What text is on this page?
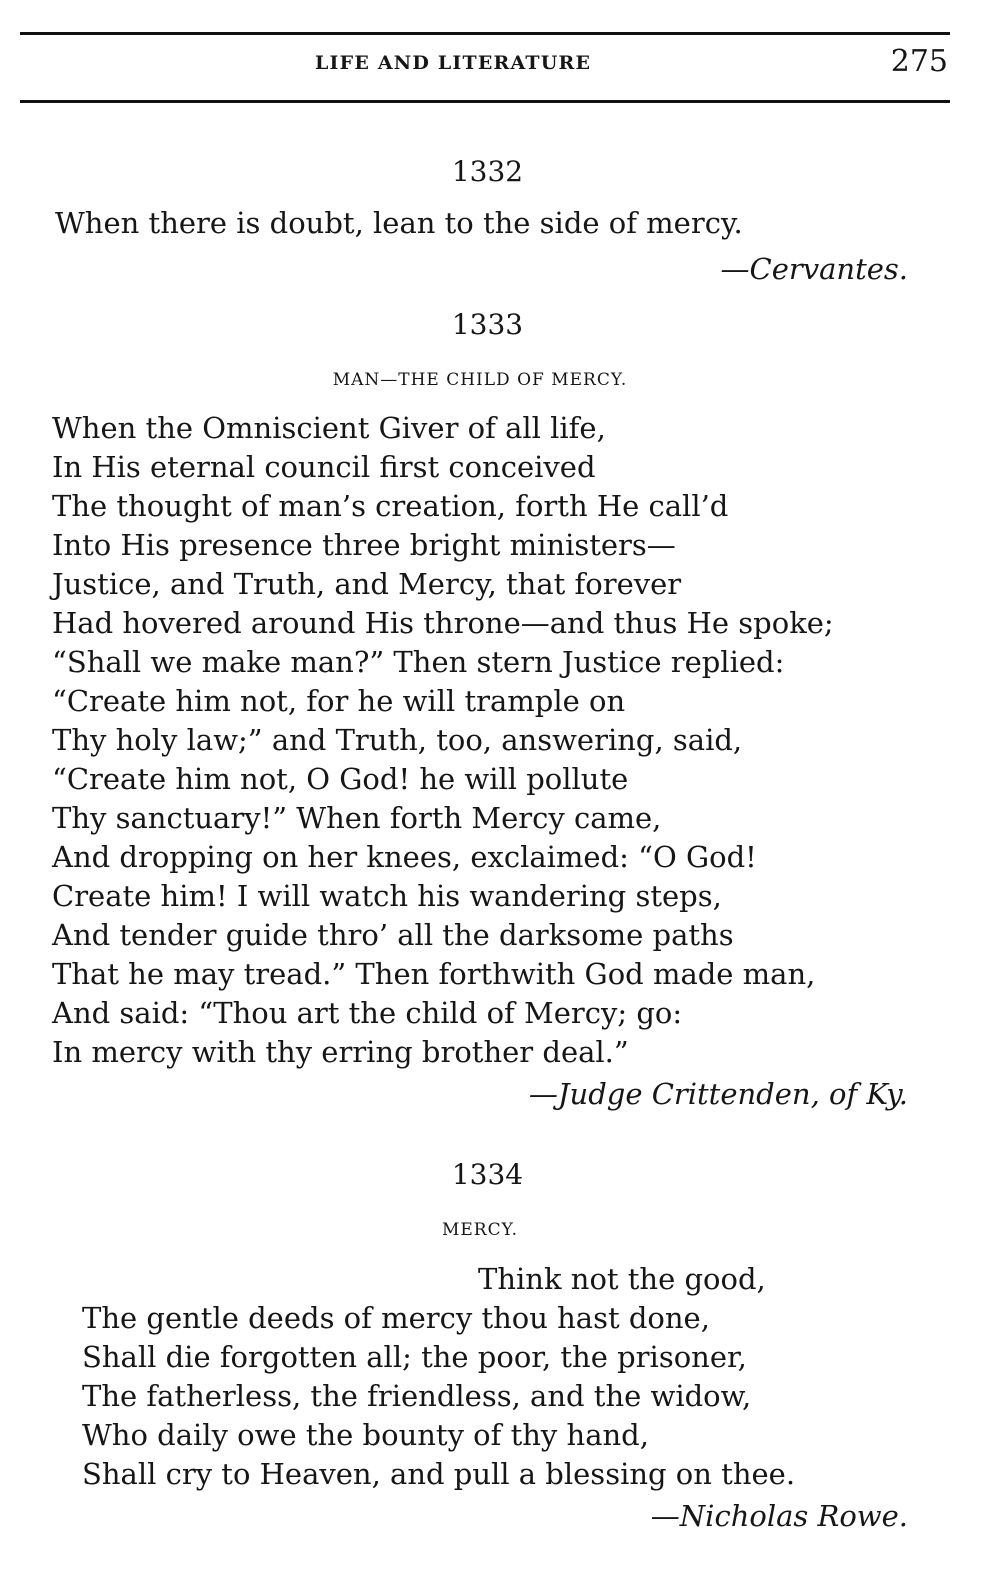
LIFE AND LITERATURE	275
1332
When there is doubt, lean to the side of mercy.
—Cervantes.
1333
MAN—THE CHILD OF MERCY.
When the Omniscient Giver of all life,
In His eternal council first conceived
The thought of man’s creation, forth He call’d
Into His presence three bright ministers—
Justice, and Truth, and Mercy, that forever
Had hovered around His throne—and thus He spoke;
“Shall we make man?” Then stern Justice replied:
“Create him not, for he will trample on
Thy holy law;” and Truth, too, answering, said,
“Create him not, O God! he will pollute
Thy sanctuary!” When forth Mercy came,
And dropping on her knees, exclaimed: “O God!
Create him! I will watch his wandering steps,
And tender guide thro’ all the darksome paths
That he may tread.” Then forthwith God made man,
And said: “Thou art the child of Mercy; go:
In mercy with thy erring brother deal.”
—Judge Crittenden, of Ky.
1334
MERCY.
Think not the good,
The gentle deeds of mercy thou hast done,
Shall die forgotten all; the poor, the prisoner,
The fatherless, the friendless, and the widow,
Who daily owe the bounty of thy hand,
Shall cry to Heaven, and pull a blessing on thee.
—Nicholas Rowe.
